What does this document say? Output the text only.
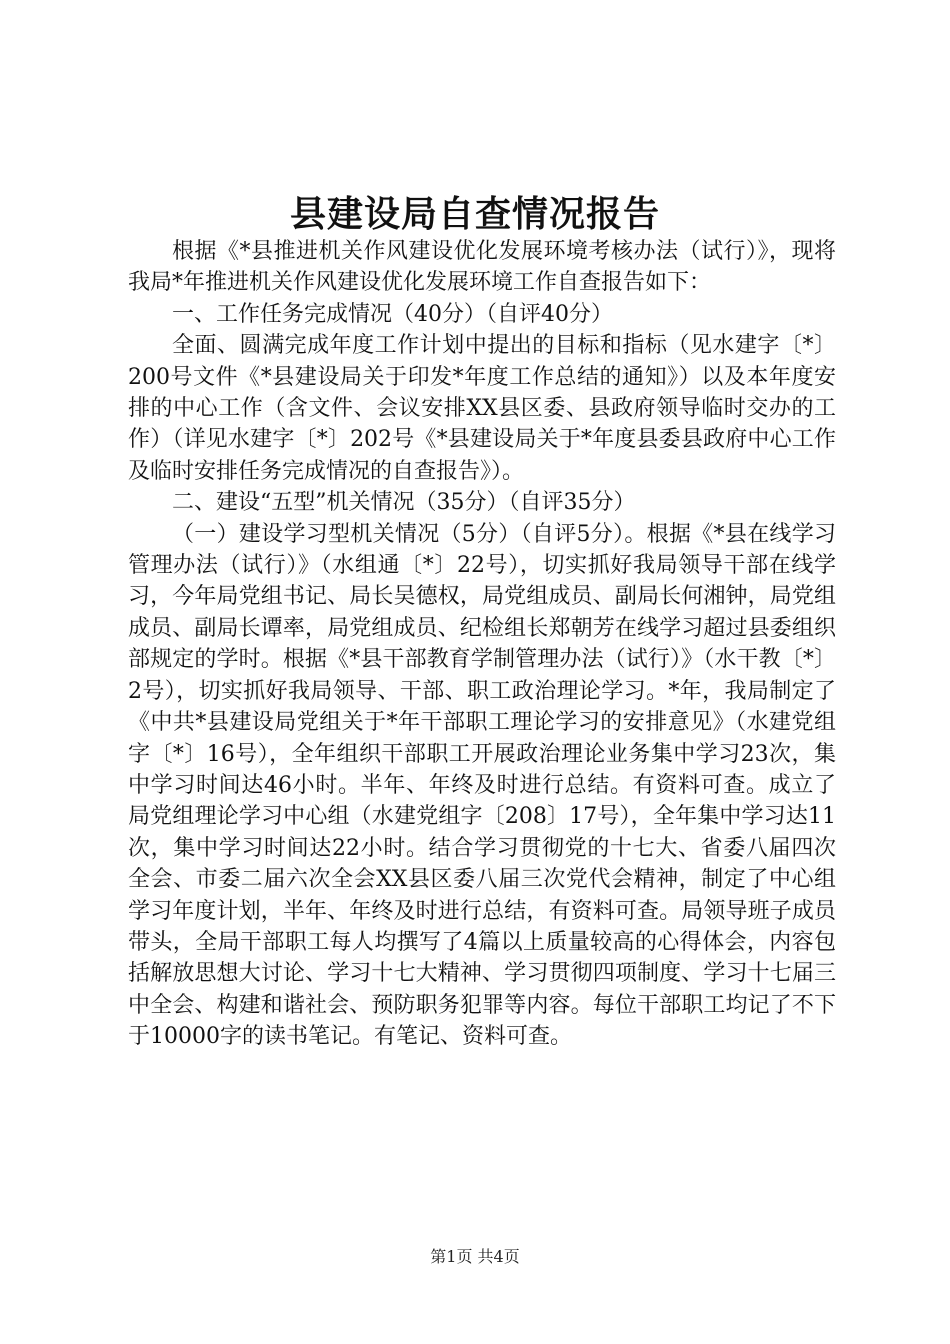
县建设局自查情况报告

根据《*县推进机关作风建设优化发展环境考核办法（试行）》，现将我局*年推进机关作风建设优化发展环境工作自查报告如下：

一、工作任务完成情况（40分）（自评40分）

全面、圆满完成年度工作计划中提出的目标和指标（见水建字〔*〕200号文件《*县建设局关于印发*年度工作总结的通知》）以及本年度安排的中心工作（含文件、会议安排XX县区委、县政府领导临时交办的工作）（详见水建字〔*〕202号《*县建设局关于*年度县委县政府中心工作及临时安排任务完成情况的自查报告》）。

二、建设“五型”机关情况（35分）（自评35分）

（一）建设学习型机关情况（5分）（自评5分）。根据《*县在线学习管理办法（试行）》（水组通〔*〕22号），切实抓好我局领导干部在线学习，今年局党组书记、局长吴德权，局党组成员、副局长何湘钟，局党组成员、副局长谭率，局党组成员、纪检组长郑朝芳在线学习超过县委组织部规定的学时。根据《*县干部教育学制管理办法（试行）》（水干教〔*〕2号），切实抓好我局领导、干部、职工政治理论学习。*年，我局制定了《中共*县建设局党组关于*年干部职工理论学习的安排意见》（水建党组字〔*〕16号），全年组织干部职工开展政治理论业务集中学习23次，集中学习时间达46小时。半年、年终及时进行总结。有资料可查。成立了局党组理论学习中心组（水建党组字〔208〕17号），全年集中学习达11次，集中学习时间达22小时。结合学习贯彻党的十七大、省委八届四次全会、市委二届六次全会XX县区委八届三次党代会精神，制定了中心组学习年度计划，半年、年终及时进行总结，有资料可查。局领导班子成员带头，全局干部职工每人均撰写了4篇以上质量较高的心得体会，内容包括解放思想大讨论、学习十七大精神、学习贯彻四项制度、学习十七届三中全会、构建和谐社会、预防职务犯罪等内容。每位干部职工均记了不下于10000字的读书笔记。有笔记、资料可查。

第1页 共4页
